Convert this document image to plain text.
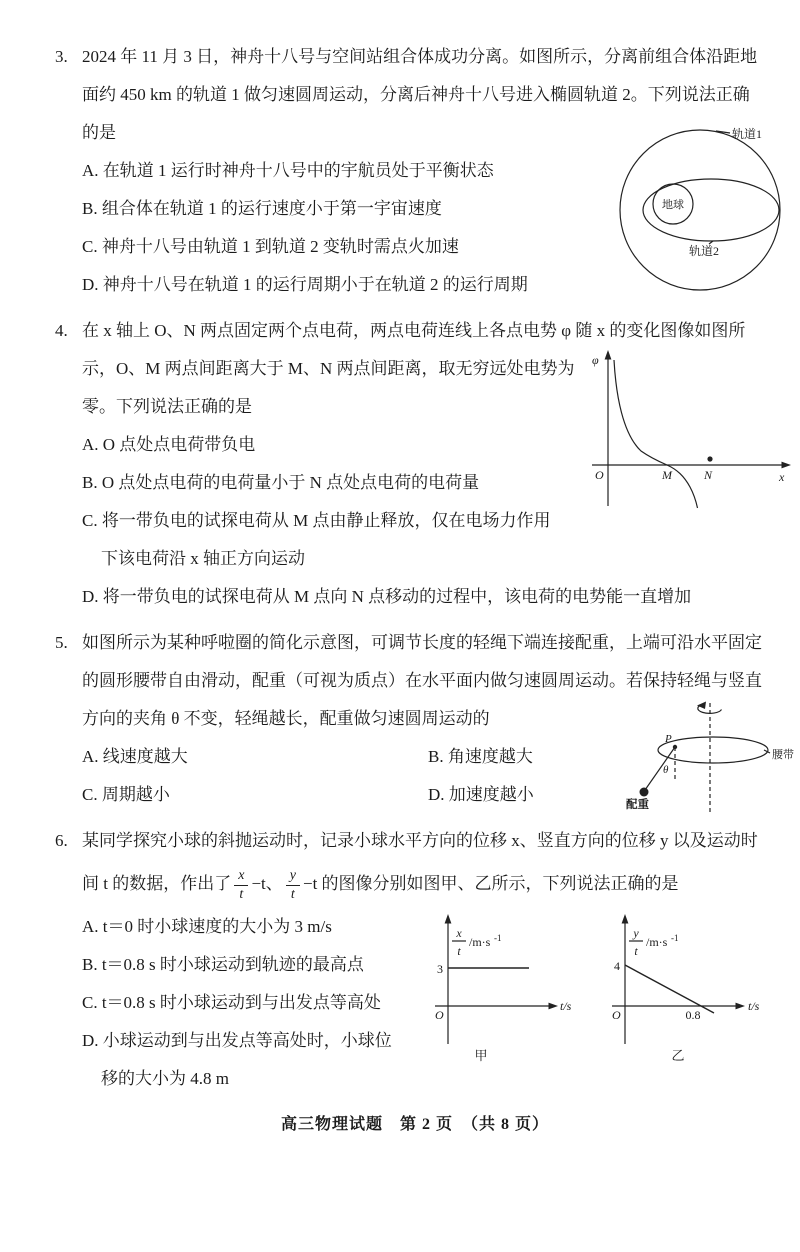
3. 2024 年 11 月 3 日，神舟十八号与空间站组合体成功分离。如图所示，分离前组合体沿距地
面约 450 km 的轨道 1 做匀速圆周运动，分离后神舟十八号进入椭圆轨道 2。下列说法正确
的是
A. 在轨道 1 运行时神舟十八号中的宇航员处于平衡状态
B. 组合体在轨道 1 的运行速度小于第一宇宙速度
C. 神舟十八号由轨道 1 到轨道 2 变轨时需点火加速
D. 神舟十八号在轨道 1 的运行周期小于在轨道 2 的运行周期
地球
轨道1
轨道2
4. 在 x 轴上 O、N 两点固定两个点电荷，两点电荷连线上各点电势 φ 随 x 的变化图像如图所
示，O、M 两点间距离大于 M、N 两点间距离，取无穷远处电势为
零。下列说法正确的是
A. O 点处点电荷带负电
B. O 点处点电荷的电荷量小于 N 点处点电荷的电荷量
C. 将一带负电的试探电荷从 M 点由静止释放，仅在电场力作用
下该电荷沿 x 轴正方向运动
D. 将一带负电的试探电荷从 M 点向 N 点移动的过程中，该电荷的电势能一直增加
φ
x
O	M	N
5. 如图所示为某种呼啦圈的简化示意图，可调节长度的轻绳下端连接配重，上端可沿水平固定
的圆形腰带自由滑动，配重（可视为质点）在水平面内做匀速圆周运动。若保持轻绳与竖直
方向的夹角 θ 不变，轻绳越长，配重做匀速圆周运动的
A. 线速度越大	B. 角速度越大
C. 周期越小	D. 加速度越小
腰带
P
θ
配重
6. 某同学探究小球的斜抛运动时，记录小球水平方向的位移 x、竖直方向的位移 y 以及运动时
间 t 的数据，作出了 $\frac{x}{t} -t$、 $\frac{y}{t} -t$ 的图像分别如图甲、乙所示，下列说法正确的是
A. t＝0 时小球速度的大小为 3 m/s
B. t＝0.8 s 时小球运动到轨迹的最高点
C. t＝0.8 s 时小球运动到与出发点等高处
D. 小球运动到与出发点等高处时，小球位
移的大小为 4.8 m
x
t
/m·s -1
O
3
t/s
甲
y
t
/m·s -1
O
4
0.8
t/s
乙
高三物理试题　第 2 页　（共 8 页）
